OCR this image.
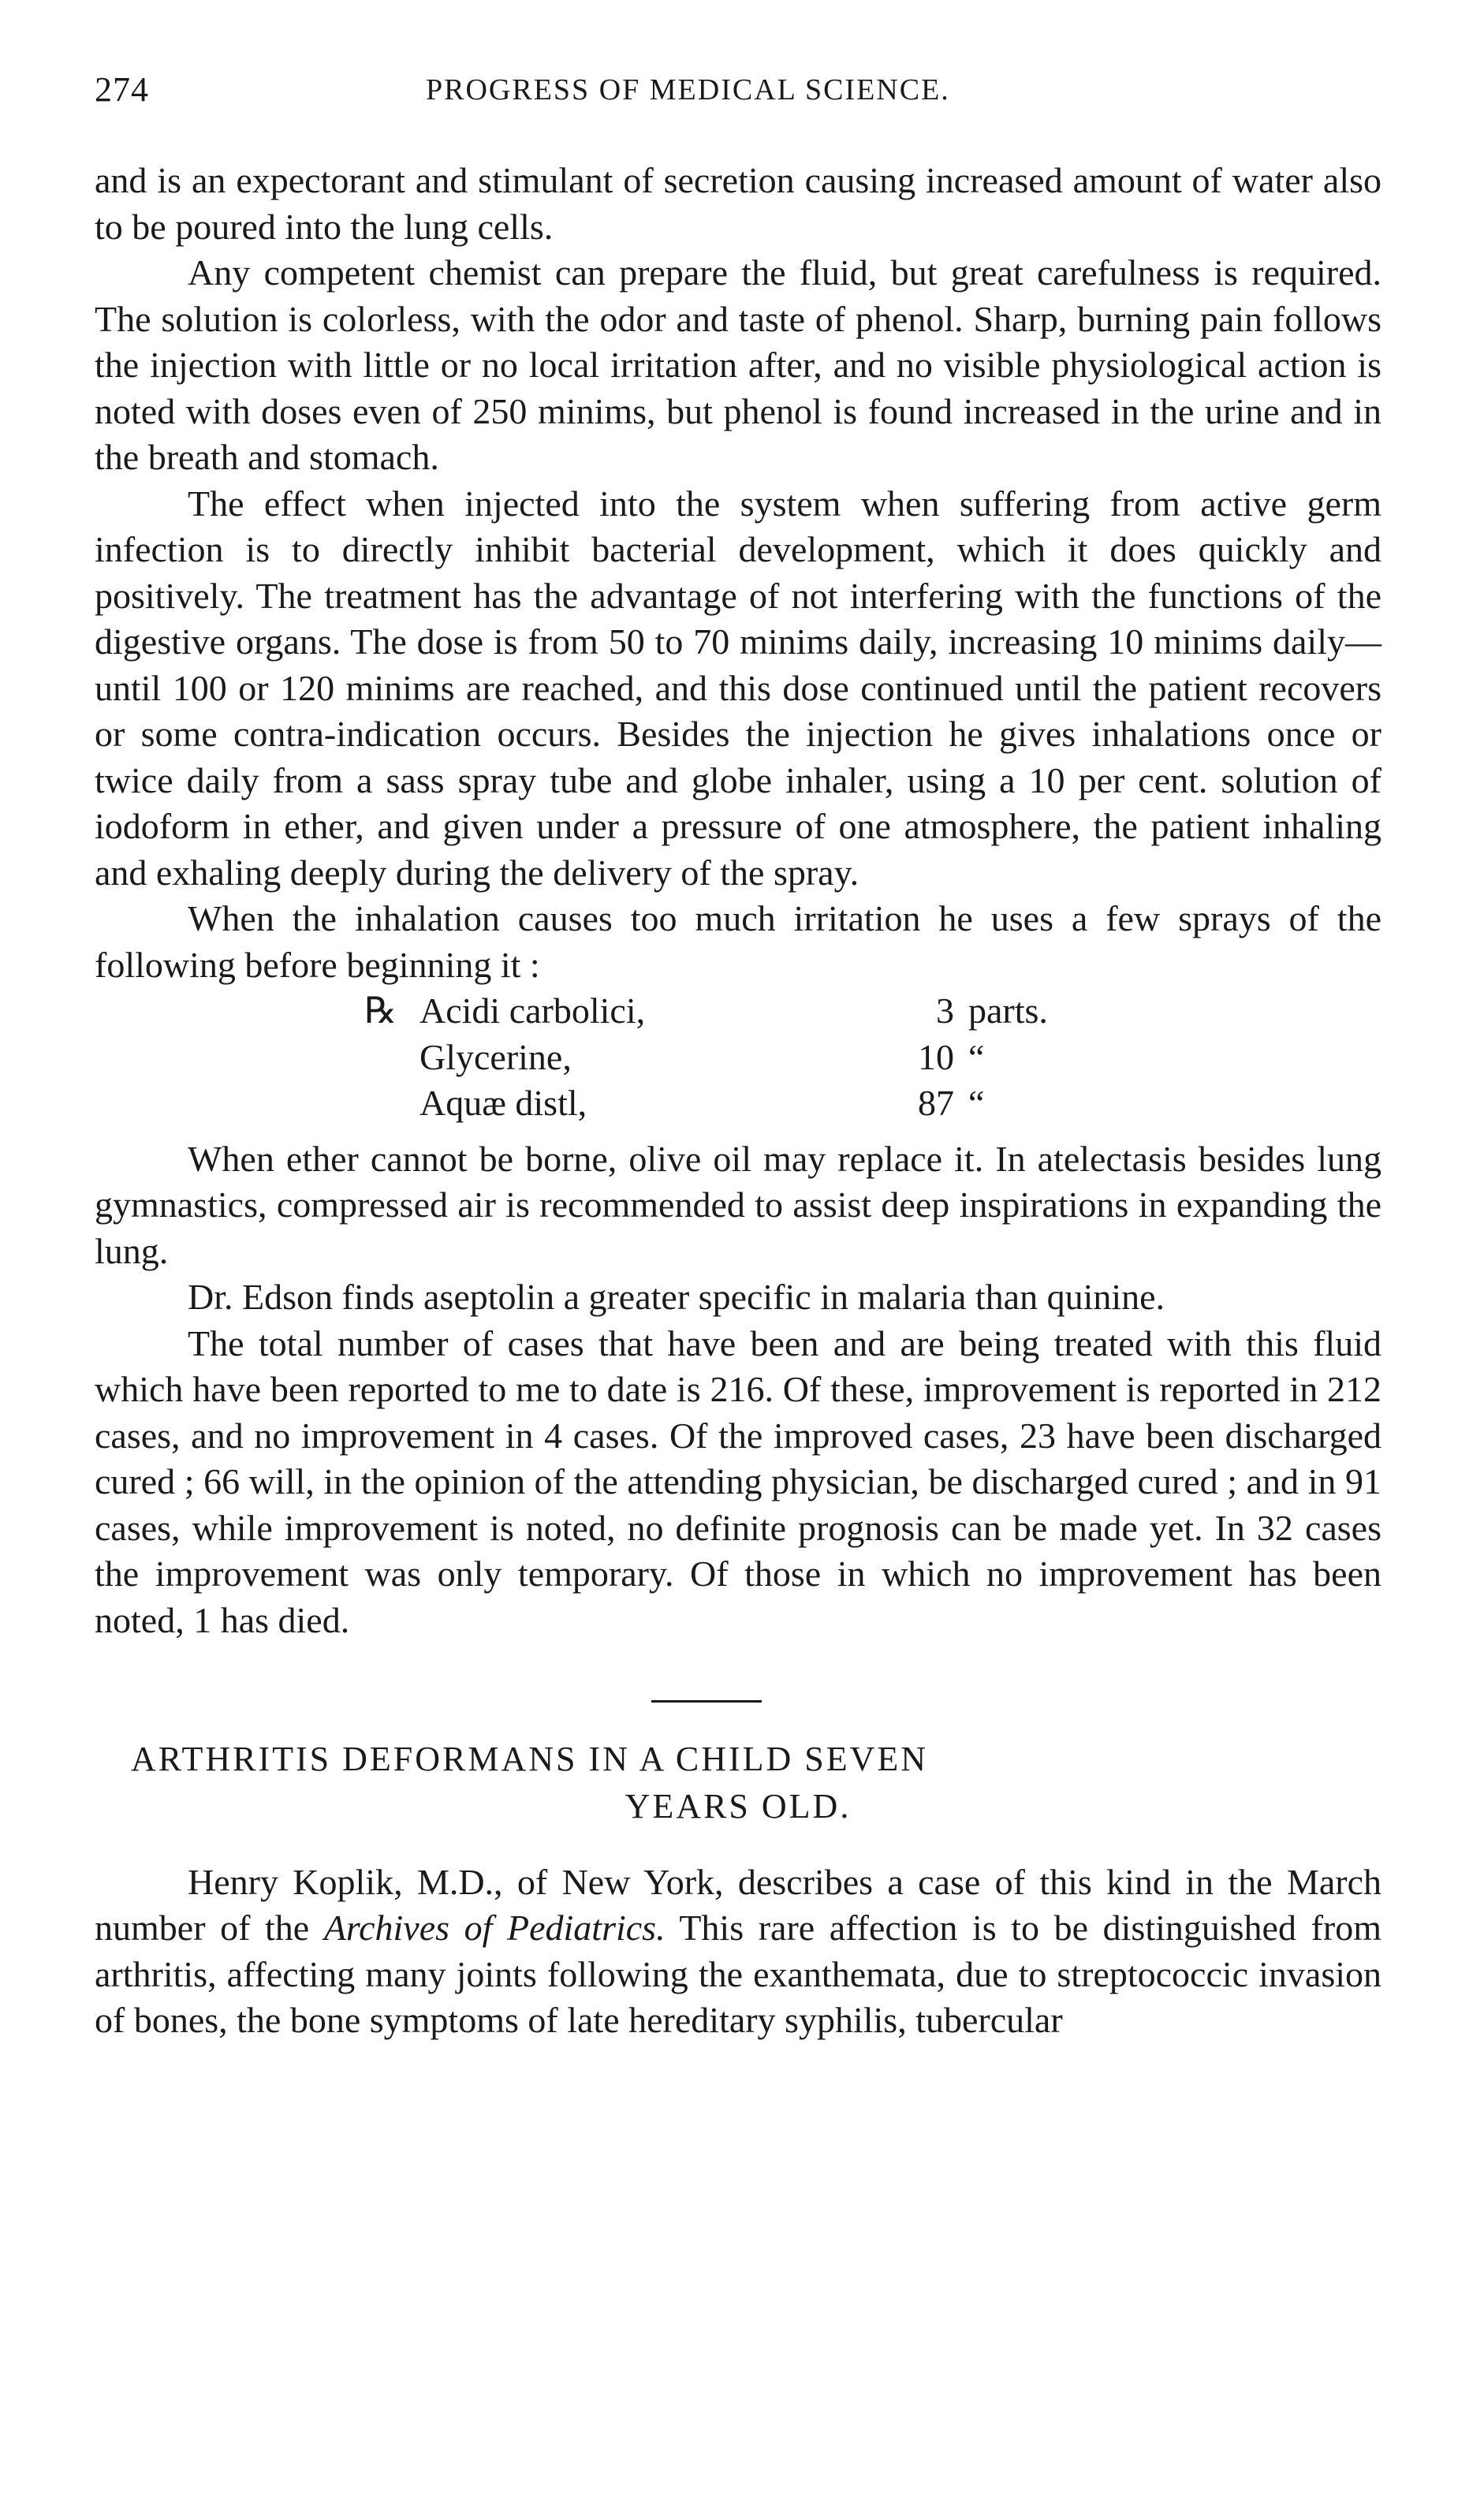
274	PROGRESS OF MEDICAL SCIENCE.

and is an expectorant and stimulant of secretion causing increased amount of water also to be poured into the lung cells.

Any competent chemist can prepare the fluid, but great carefulness is required. The solution is colorless, with the odor and taste of phenol. Sharp, burning pain follows the injection with little or no local irritation after, and no visible physiological action is noted with doses even of 250 minims, but phenol is found increased in the urine and in the breath and stomach.

The effect when injected into the system when suffering from active germ infection is to directly inhibit bacterial development, which it does quickly and positively. The treatment has the advantage of not interfering with the functions of the digestive organs. The dose is from 50 to 70 minims daily, increasing 10 minims daily—until 100 or 120 minims are reached, and this dose continued until the patient recovers or some contra-indication occurs. Besides the injection he gives inhalations once or twice daily from a sass spray tube and globe inhaler, using a 10 per cent. solution of iodoform in ether, and given under a pressure of one atmosphere, the patient inhaling and exhaling deeply during the delivery of the spray.

When the inhalation causes too much irritation he uses a few sprays of the following before beginning it :

℞ Acidi carbolici,	3 parts.
Glycerine,	10 “
Aquæ distl,	87 “

When ether cannot be borne, olive oil may replace it. In atelectasis besides lung gymnastics, compressed air is recommended to assist deep inspirations in expanding the lung.

Dr. Edson finds aseptolin a greater specific in malaria than quinine.

The total number of cases that have been and are being treated with this fluid which have been reported to me to date is 216. Of these, improvement is reported in 212 cases, and no improvement in 4 cases. Of the improved cases, 23 have been discharged cured ; 66 will, in the opinion of the attending physician, be discharged cured ; and in 91 cases, while improvement is noted, no definite prognosis can be made yet. In 32 cases the improvement was only temporary. Of those in which no improvement has been noted, 1 has died.

ARTHRITIS DEFORMANS IN A CHILD SEVEN
YEARS OLD.

Henry Koplik, M.D., of New York, describes a case of this kind in the March number of the Archives of Pediatrics. This rare affection is to be distinguished from arthritis, affecting many joints following the exanthemata, due to streptococcic invasion of bones, the bone symptoms of late hereditary syphilis, tubercular
